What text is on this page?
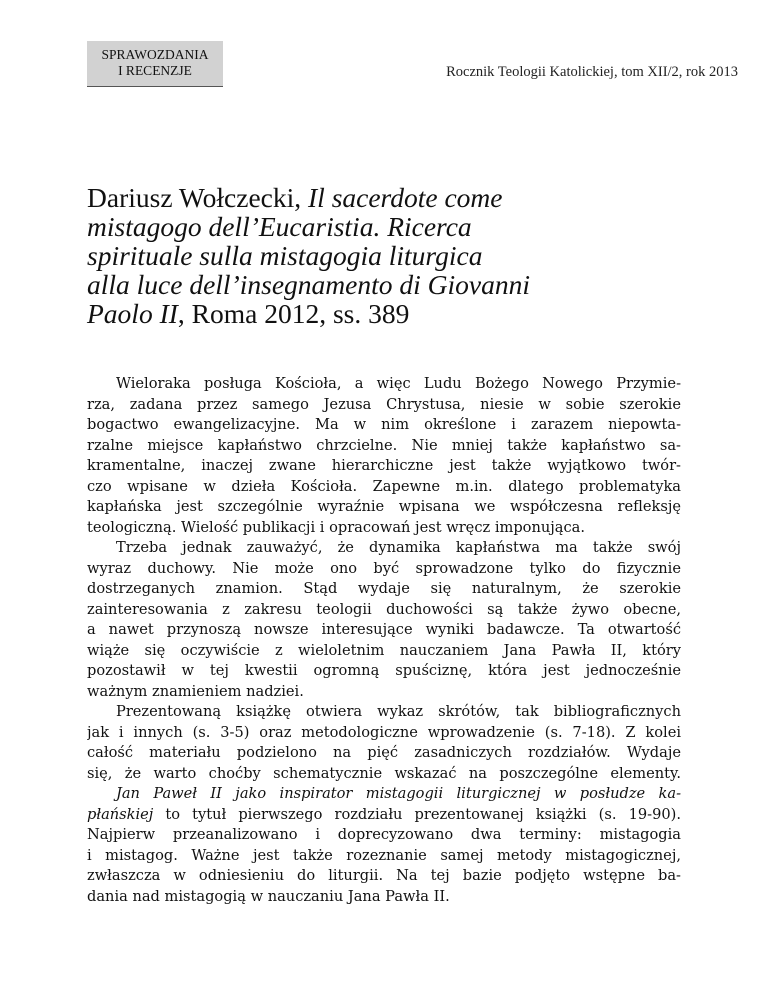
SPRAWOZDANIA
I RECENZJE	Rocznik Teologii Katolickiej, tom XII/2, rok 2013
Dariusz Wołczecki, Il sacerdote come
mistagogo dell’Eucaristia. Ricerca
spirituale sulla mistagogia liturgica
alla luce dell’insegnamento di Giovanni
Paolo II, Roma 2012, ss. 389
Wieloraka posługa Kościoła, a więc Ludu Bożego Nowego Przymie-
rza, zadana przez samego Jezusa Chrystusa, niesie w sobie szerokie
bogactwo ewangelizacyjne. Ma w nim określone i zarazem niepowta-
rzalne miejsce kapłaństwo chrzcielne. Nie mniej także kapłaństwo sa-
kramentalne, inaczej zwane hierarchiczne jest także wyjątkowo twór-
czo wpisane w dzieła Kościoła. Zapewne m.in. dlatego problematyka
kapłańska jest szczególnie wyraźnie wpisana we współczesna refleksję
teologiczną. Wielość publikacji i opracowań jest wręcz imponująca.
Trzeba jednak zauważyć, że dynamika kapłaństwa ma także swój
wyraz duchowy. Nie może ono być sprowadzone tylko do fizycznie
dostrzeganych znamion. Stąd wydaje się naturalnym, że szerokie
zainteresowania z zakresu teologii duchowości są także żywo obecne,
a nawet przynoszą nowsze interesujące wyniki badawcze. Ta otwartość
wiąże się oczywiście z wieloletnim nauczaniem Jana Pawła II, który
pozostawił w tej kwestii ogromną spuściznę, która jest jednocześnie
ważnym znamieniem nadziei.
Prezentowaną książkę otwiera wykaz skrótów, tak bibliograficznych
jak i innych (s. 3-5) oraz metodologiczne wprowadzenie (s. 7-18). Z kolei
całość materiału podzielono na pięć zasadniczych rozdziałów. Wydaje
się, że warto choćby schematycznie wskazać na poszczególne elementy.
Jan Paweł II jako inspirator mistagogii liturgicznej w posłudze ka-
płańskiej to tytuł pierwszego rozdziału prezentowanej książki (s. 19-90).
Najpierw przeanalizowano i doprecyzowano dwa terminy: mistagogia
i mistagog. Ważne jest także rozeznanie samej metody mistagogicznej,
zwłaszcza w odniesieniu do liturgii. Na tej bazie podjęto wstępne ba-
dania nad mistagogią w nauczaniu Jana Pawła II.
